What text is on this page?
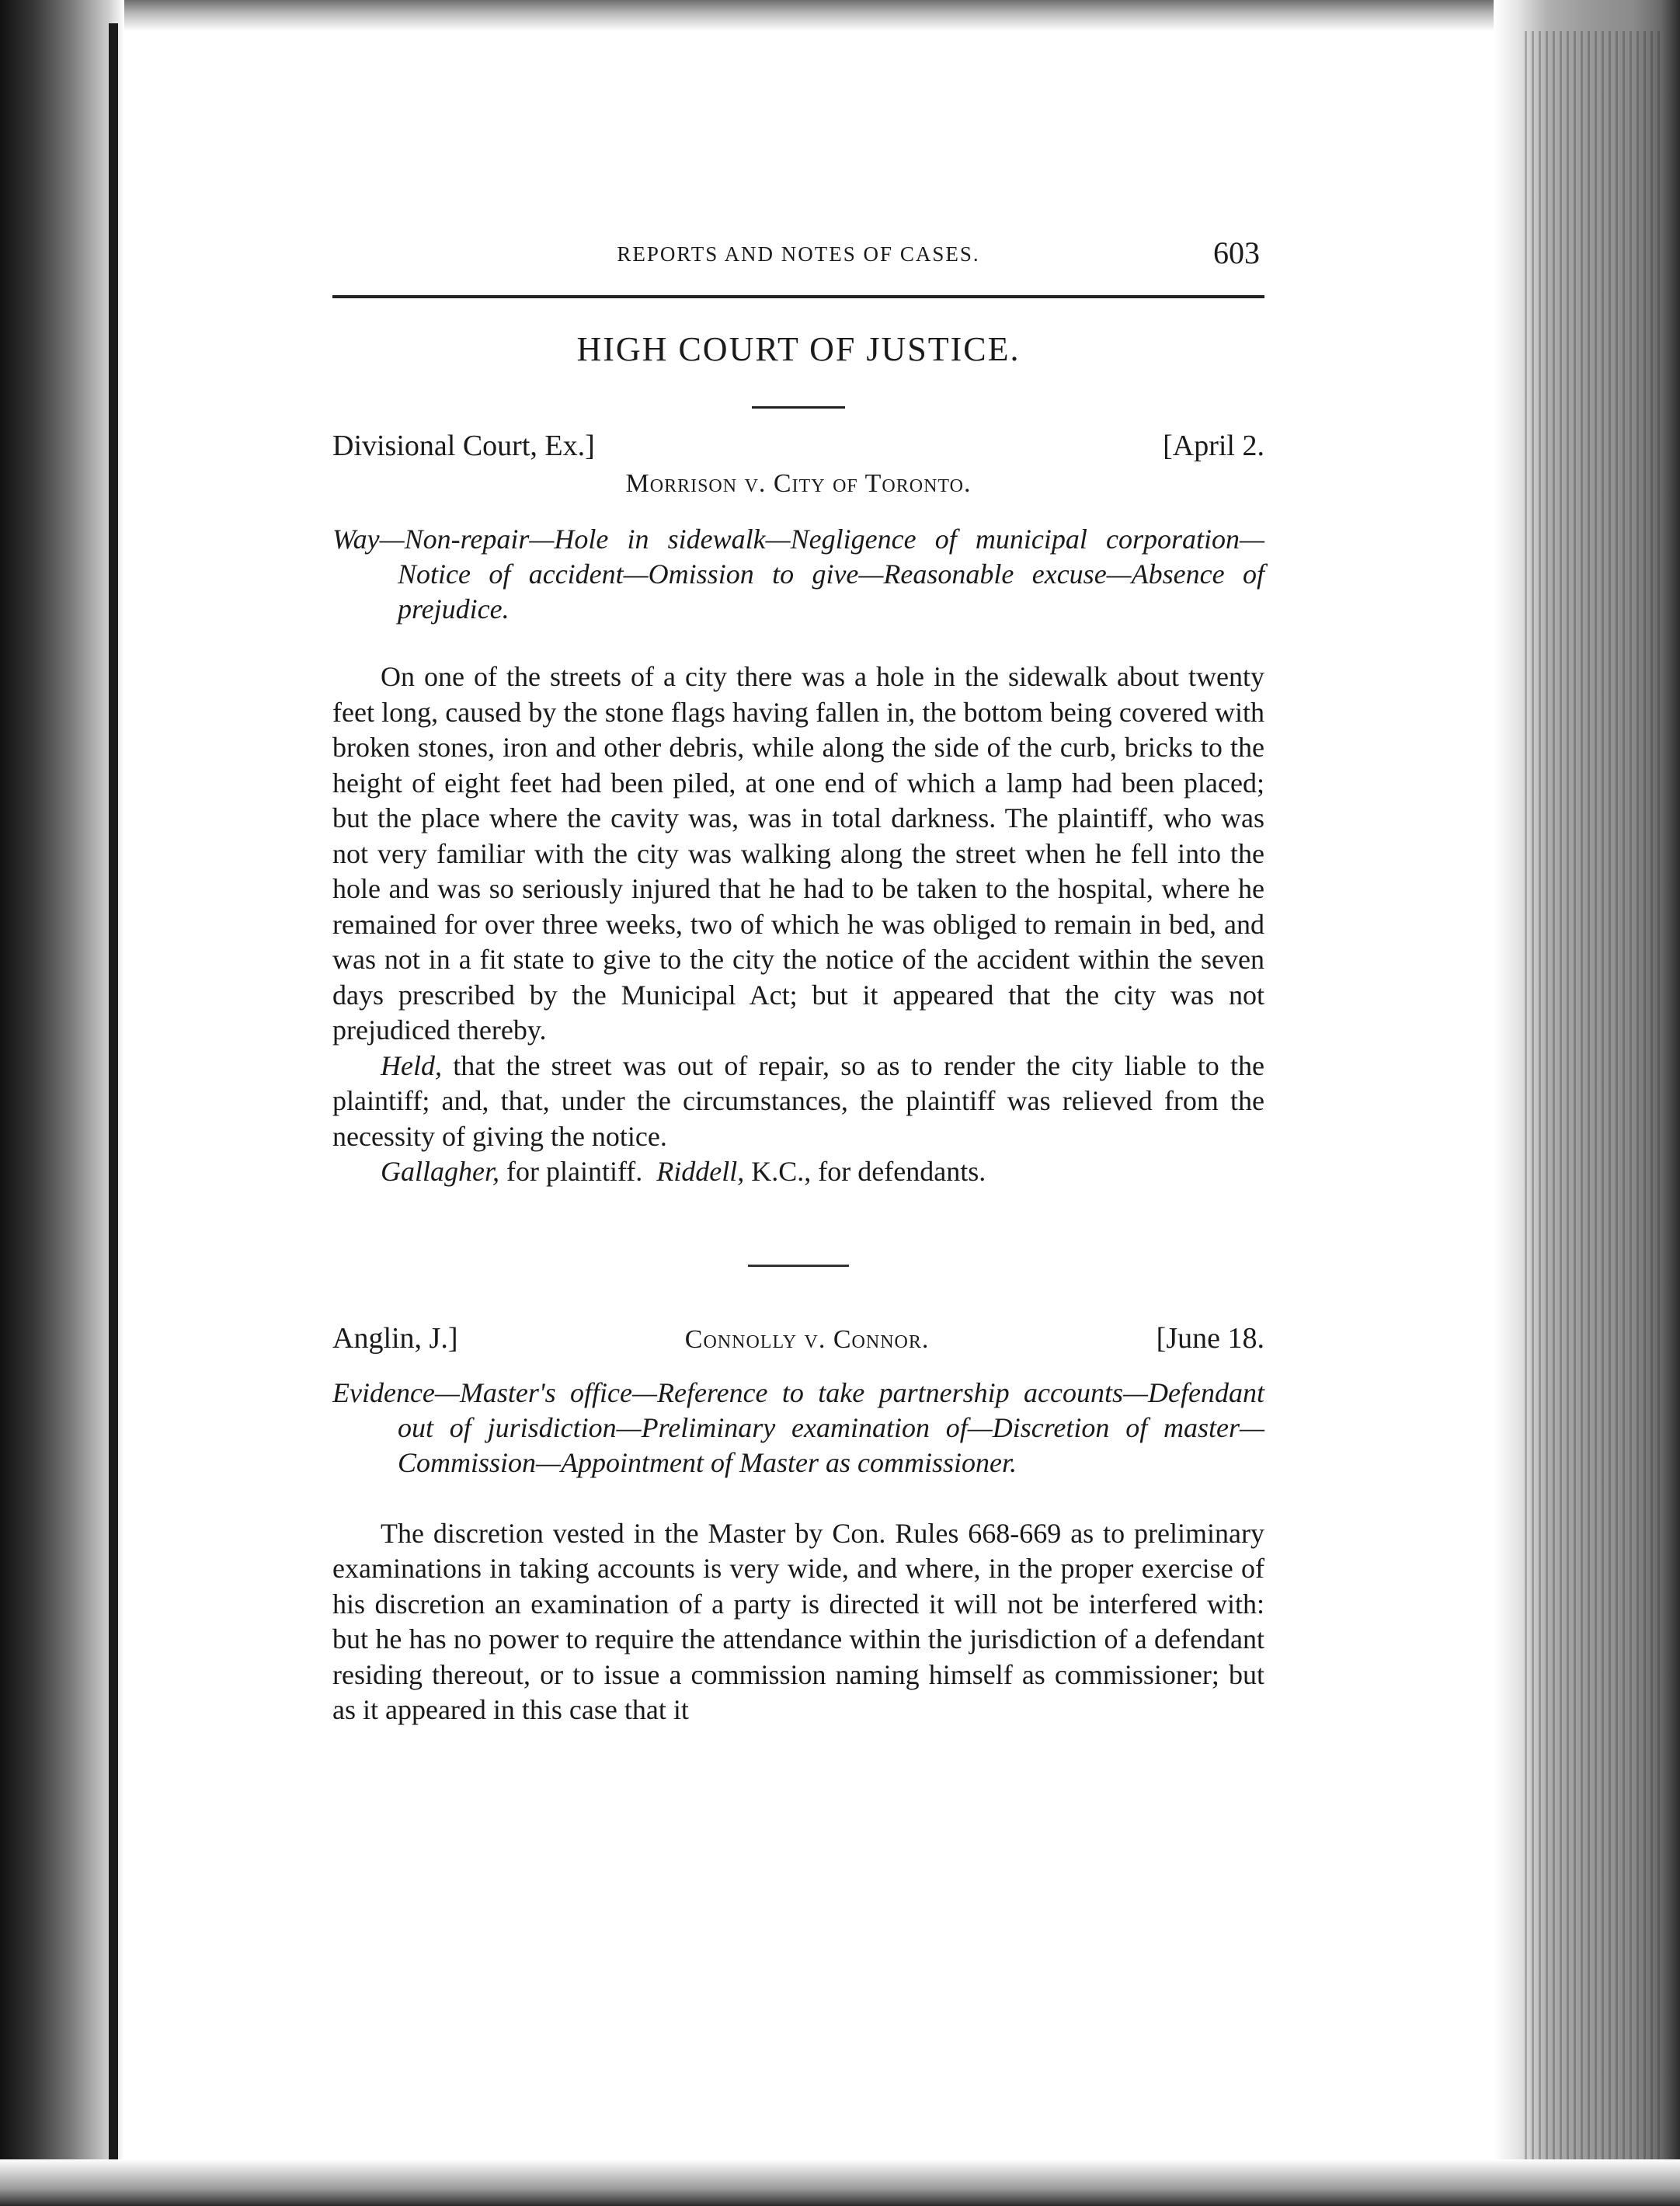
REPORTS AND NOTES OF CASES.	603
HIGH COURT OF JUSTICE.
Divisional Court, Ex.]	[April 2.
Morrison v. City of Toronto.
Way—Non-repair—Hole in sidewalk—Negligence of municipal corporation—Notice of accident—Omission to give—Reasonable excuse—Absence of prejudice.

On one of the streets of a city there was a hole in the sidewalk about twenty feet long, caused by the stone flags having fallen in, the bottom being covered with broken stones, iron and other debris, while along the side of the curb, bricks to the height of eight feet had been piled, at one end of which a lamp had been placed; but the place where the cavity was, was in total darkness. The plaintiff, who was not very familiar with the city was walking along the street when he fell into the hole and was so seriously injured that he had to be taken to the hospital, where he remained for over three weeks, two of which he was obliged to remain in bed, and was not in a fit state to give to the city the notice of the accident within the seven days prescribed by the Municipal Act; but it appeared that the city was not prejudiced thereby.

Held, that the street was out of repair, so as to render the city liable to the plaintiff; and, that, under the circumstances, the plaintiff was relieved from the necessity of giving the notice.

Gallagher, for plaintiff. Riddell, K.C., for defendants.
Anglin, J.]	Connolly v. Connor.	[June 18.
Evidence—Master's office—Reference to take partnership accounts—Defendant out of jurisdiction—Preliminary examination of—Discretion of master—Commission—Appointment of Master as commissioner.

The discretion vested in the Master by Con. Rules 668-669 as to preliminary examinations in taking accounts is very wide, and where, in the proper exercise of his discretion an examination of a party is directed it will not be interfered with: but he has no power to require the attendance within the jurisdiction of a defendant residing thereout, or to issue a commission naming himself as commissioner; but as it appeared in this case that it
